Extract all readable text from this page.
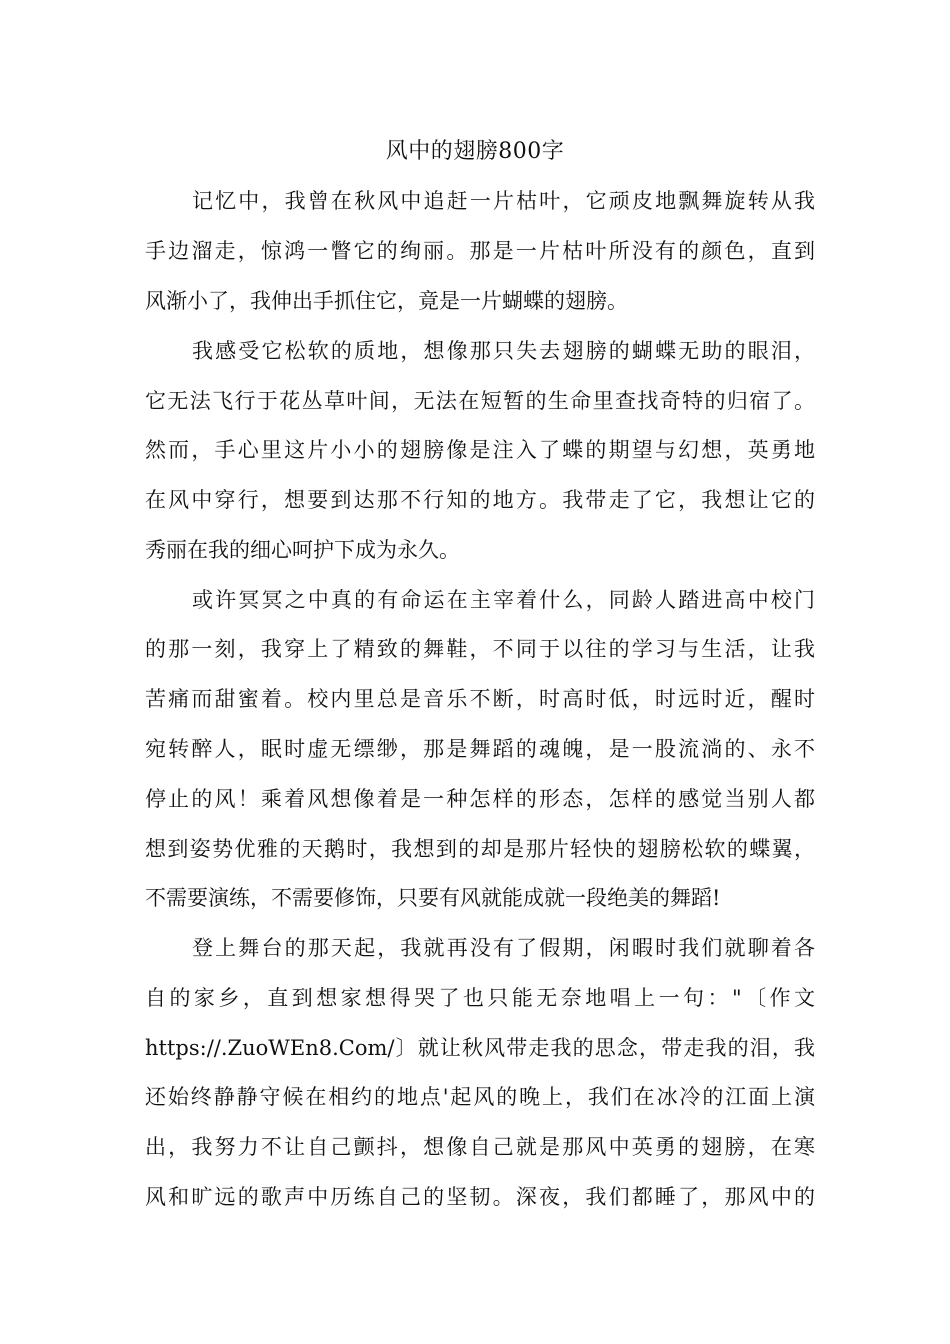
风中的翅膀800字
记忆中，我曾在秋风中追赶一片枯叶，它顽皮地飘舞旋转从我
手边溜走，惊鸿一瞥它的绚丽。那是一片枯叶所没有的颜色，直到
风渐小了，我伸出手抓住它，竟是一片蝴蝶的翅膀。
我感受它松软的质地，想像那只失去翅膀的蝴蝶无助的眼泪，
它无法飞行于花丛草叶间，无法在短暂的生命里查找奇特的归宿了。
然而，手心里这片小小的翅膀像是注入了蝶的期望与幻想，英勇地
在风中穿行，想要到达那不行知的地方。我带走了它，我想让它的
秀丽在我的细心呵护下成为永久。
或许冥冥之中真的有命运在主宰着什么，同龄人踏进高中校门
的那一刻，我穿上了精致的舞鞋，不同于以往的学习与生活，让我
苦痛而甜蜜着。校内里总是音乐不断，时高时低，时远时近，醒时
宛转醉人，眠时虚无缥缈，那是舞蹈的魂魄，是一股流淌的、永不
停止的风！乘着风想像着是一种怎样的形态，怎样的感觉当别人都
想到姿势优雅的天鹅时，我想到的却是那片轻快的翅膀松软的蝶翼，
不需要演练，不需要修饰，只要有风就能成就一段绝美的舞蹈!
登上舞台的那天起，我就再没有了假期，闲暇时我们就聊着各
自的家乡，直到想家想得哭了也只能无奈地唱上一句："〔作文
https://.ZuoWEn8.Com/〕就让秋风带走我的思念，带走我的泪，我
还始终静静守候在相约的地点'起风的晚上，我们在冰冷的江面上演
出，我努力不让自己颤抖，想像自己就是那风中英勇的翅膀，在寒
风和旷远的歌声中历练自己的坚韧。深夜，我们都睡了，那风中的
